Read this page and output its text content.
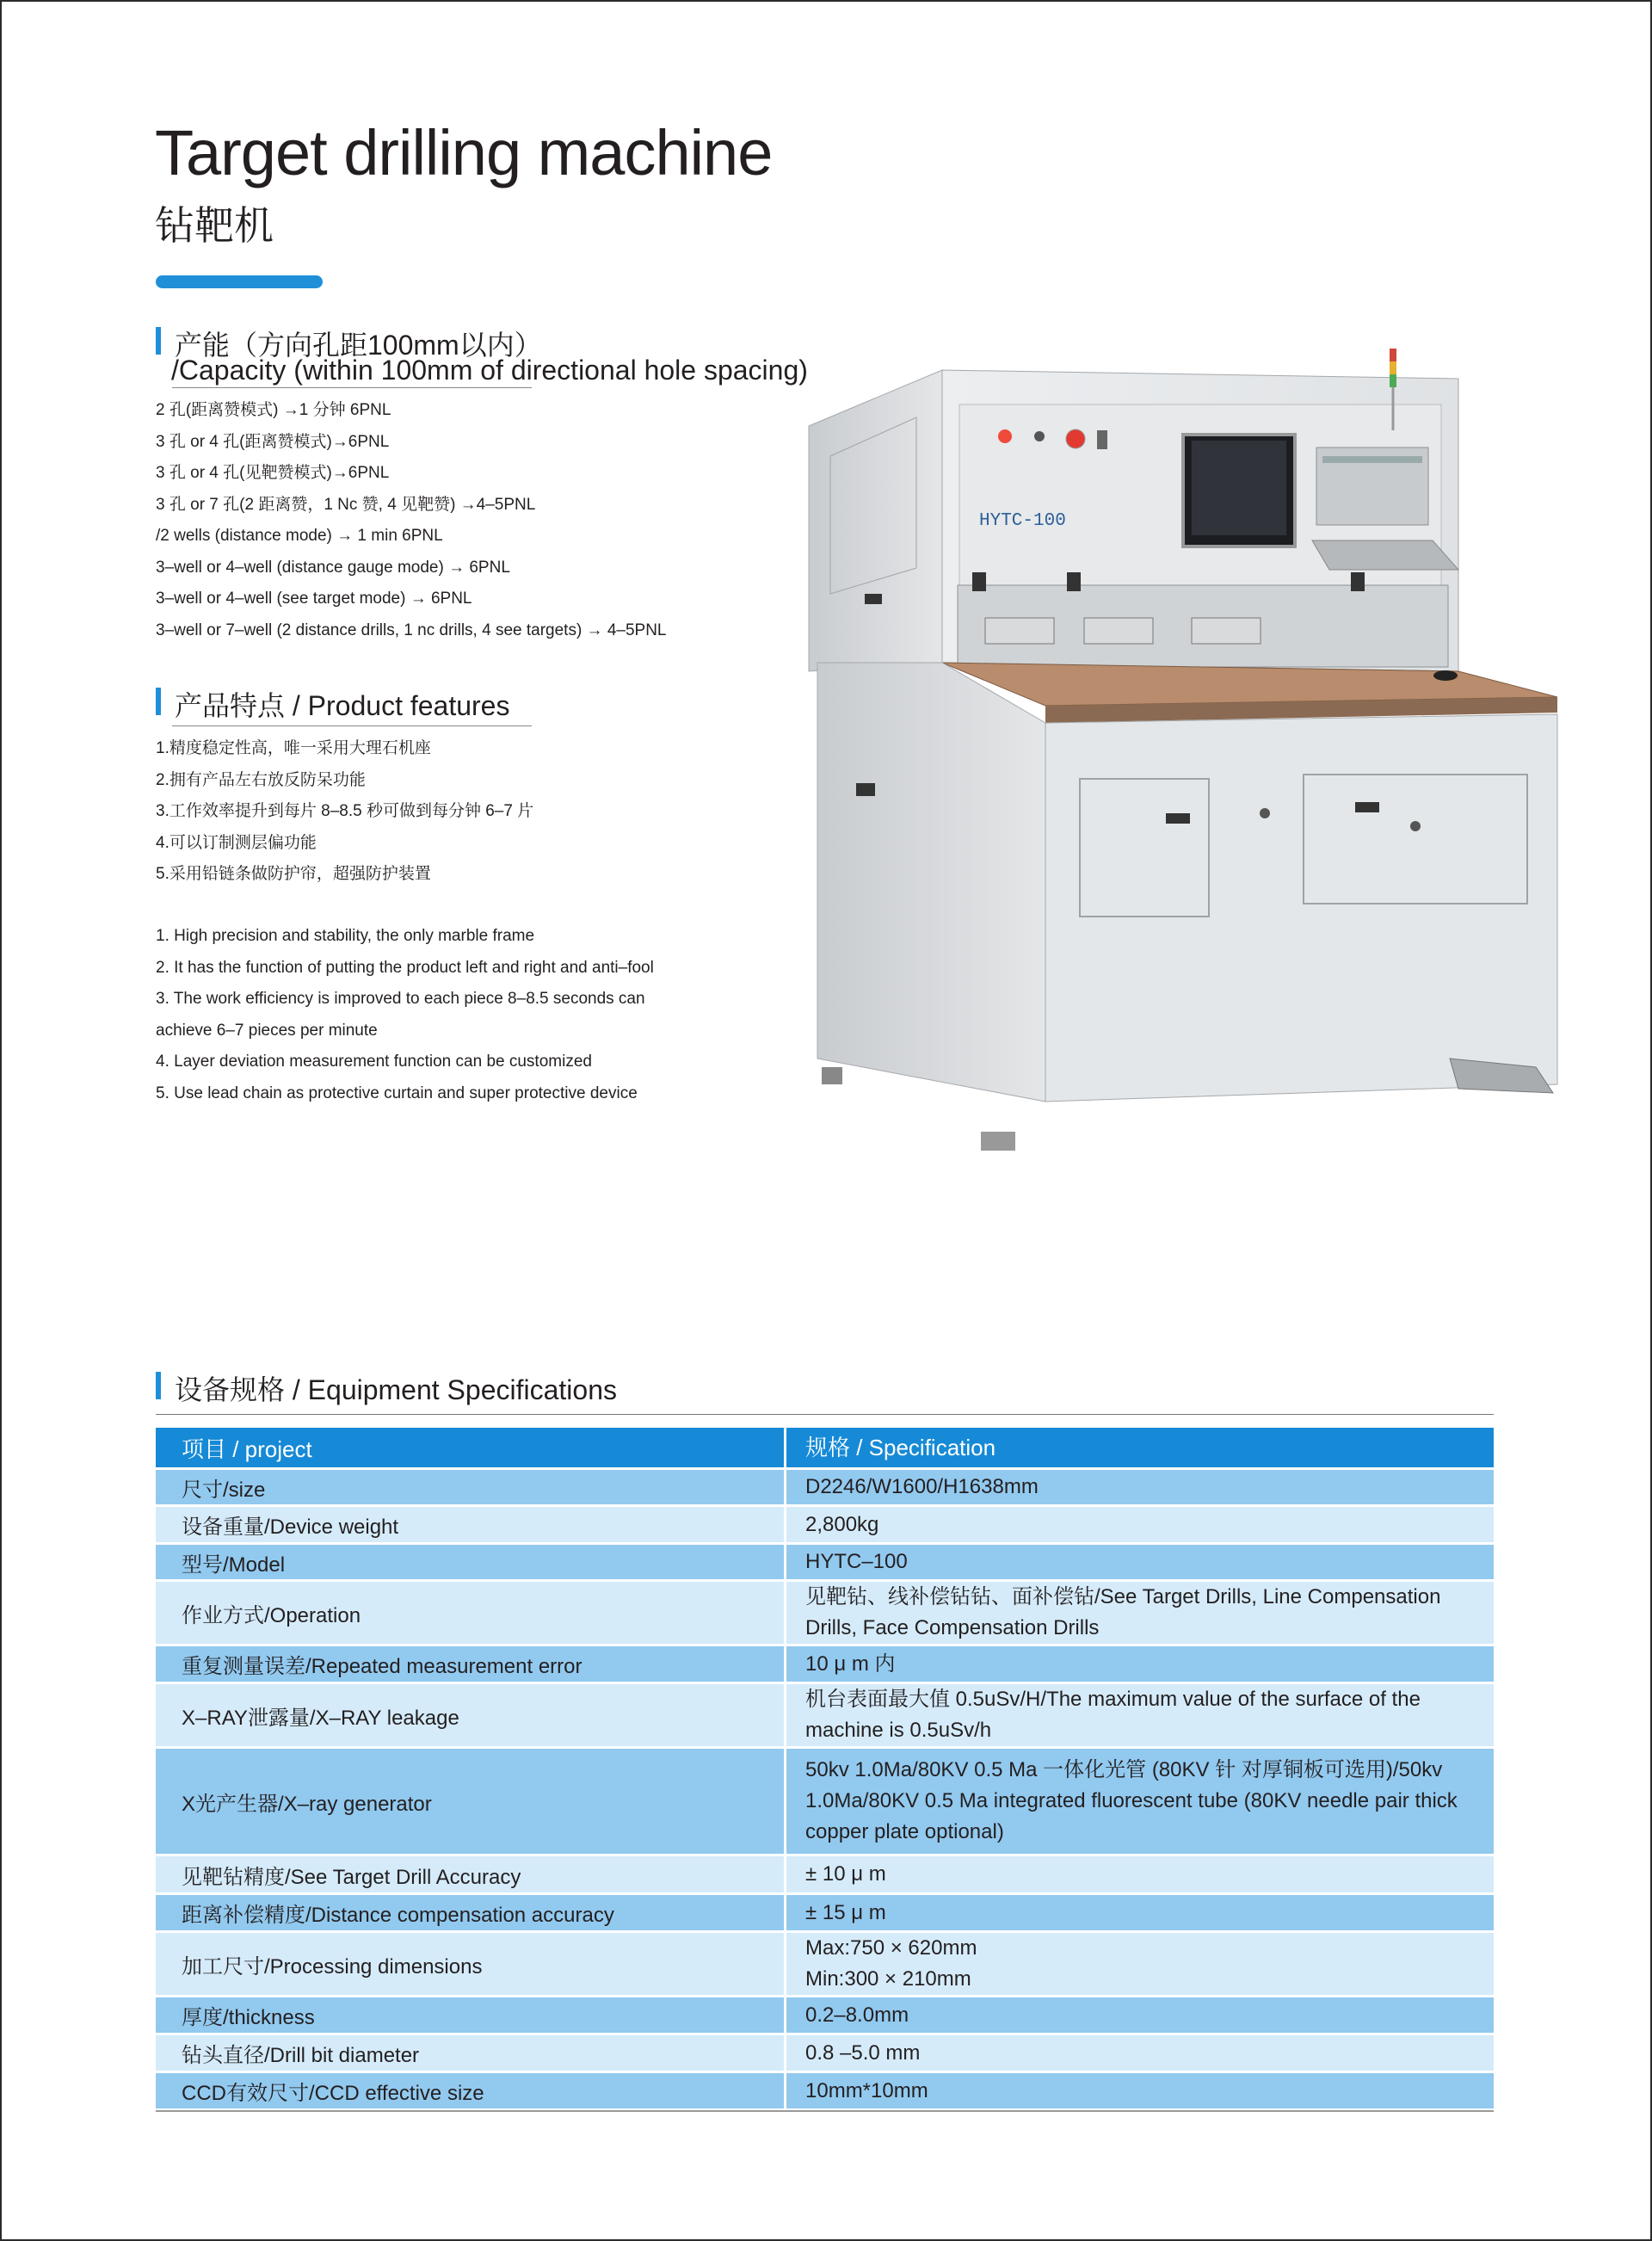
Target drilling machine
钻靶机
产能（方向孔距100mm以内）
/Capacity (within 100mm of directional hole spacing)
2 孔(距离赞模式) →1 分钟 6PNL
3 孔 or 4 孔(距离赞模式)→6PNL
3 孔 or 4 孔(见靶赞模式)→6PNL
3 孔 or 7 孔(2 距离赞，1 Nc 赞, 4 见靶赞) →4–5PNL
/2 wells (distance mode) → 1 min 6PNL
3–well or 4–well (distance gauge mode) → 6PNL
3–well or 4–well (see target mode) → 6PNL
3–well or 7–well (2 distance drills, 1 nc drills, 4 see targets) → 4–5PNL
产品特点 / Product features
1.精度稳定性高，唯一采用大理石机座
2.拥有产品左右放反防呆功能
3.工作效率提升到每片 8–8.5 秒可做到每分钟 6–7 片
4.可以订制测层偏功能
5.采用铅链条做防护帘，超强防护装置
1. High precision and stability, the only marble frame
2. It has the function of putting the product left and right and anti–fool
3. The work efficiency is improved to each piece 8–8.5 seconds can
achieve 6–7 pieces per minute
4. Layer deviation measurement function can be customized
5. Use lead chain as protective curtain and super protective device
HYTC-100
设备规格 / Equipment Specifications
项目 / project	规格 / Specification
尺寸/size	D2246/W1600/H1638mm
设备重量/Device weight	2,800kg
型号/Model	HYTC–100
作业方式/Operation	见靶钻、线补偿钻钻、面补偿钻/See Target Drills, Line Compensation Drills, Face Compensation Drills
重复测量误差/Repeated measurement error	10 μ m 内
X–RAY泄露量/X–RAY leakage	机台表面最大值 0.5uSv/H/The maximum value of the surface of the machine is 0.5uSv/h
X光产生器/X–ray generator	50kv 1.0Ma/80KV 0.5 Ma 一体化光管 (80KV 针 对厚铜板可选用)/50kv 1.0Ma/80KV 0.5 Ma integrated fluorescent tube (80KV needle pair thick copper plate optional)
见靶钻精度/See Target Drill Accuracy	± 10 μ m
距离补偿精度/Distance compensation accuracy	± 15 μ m
加工尺寸/Processing dimensions	Max:750 × 620mm
Min:300 × 210mm
厚度/thickness	0.2–8.0mm
钻头直径/Drill bit diameter	0.8 –5.0 mm
CCD有效尺寸/CCD effective size	10mm*10mm
